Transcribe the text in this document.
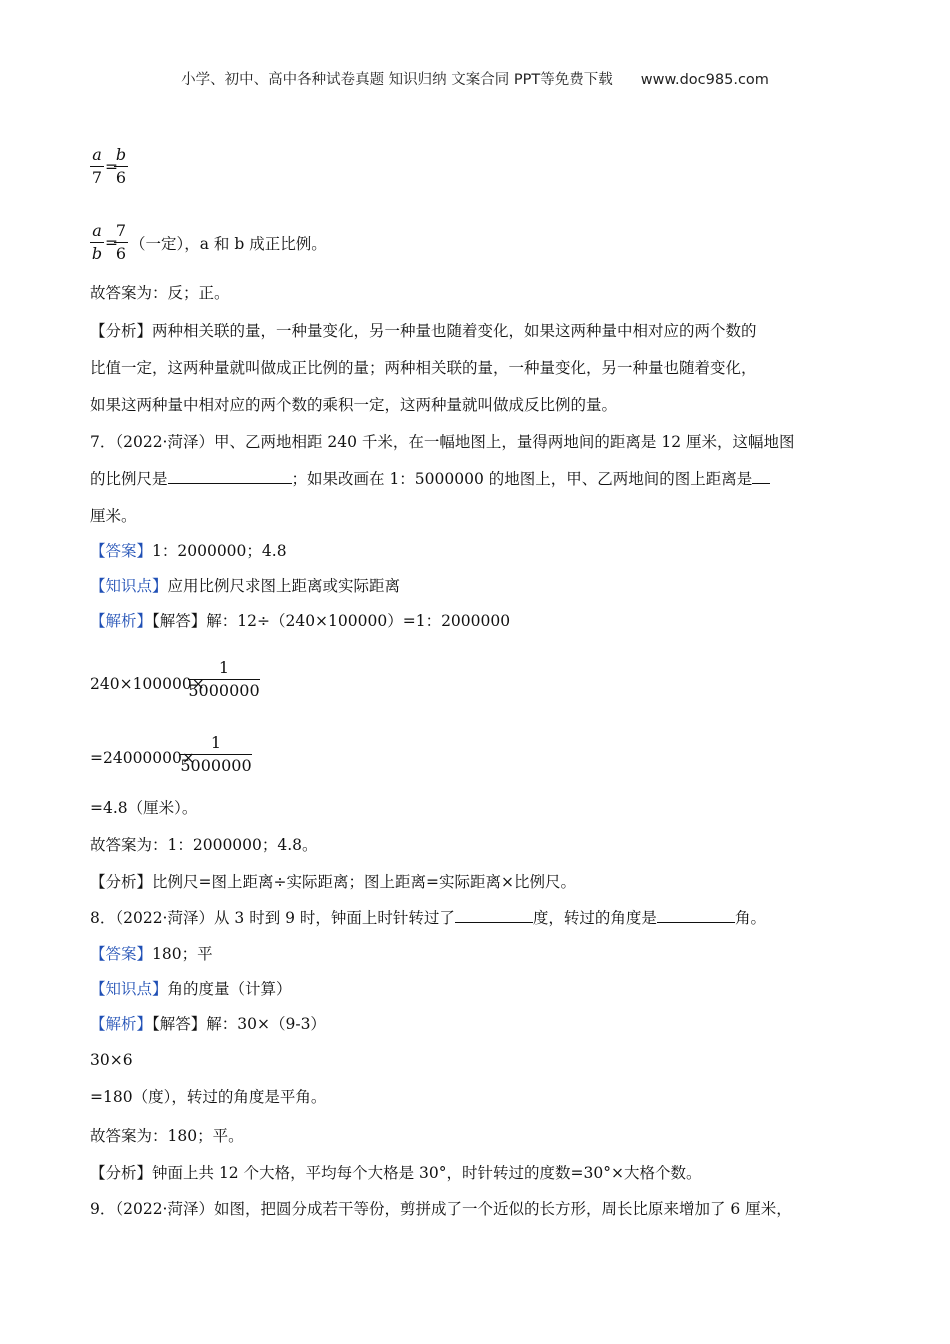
小学、初中、高中各种试卷真题 知识归纳 文案合同 PPT等免费下载 www.doc985.com
a
7
=
b
6
a
b
=
7
6 （一定），a 和 b 成正比例。
故答案为：反；正。
【分析】两种相关联的量，一种量变化，另一种量也随着变化，如果这两种量中相对应的两个数的
比值一定，这两种量就叫做成正比例的量；两种相关联的量，一种量变化，另一种量也随着变化，
如果这两种量中相对应的两个数的乘积一定，这两种量就叫做成反比例的量。
7．（2022·菏泽）甲、乙两地相距 240 千米，在一幅地图上，量得两地间的距离是 12 厘米，这幅地图
的比例尺是	；如果改画在 1：5000000 的地图上，甲、乙两地间的图上距离是
厘米。
【答案】1：2000000；4.8
【知识点】应用比例尺求图上距离或实际距离
【解析】【解答】解：12÷（240×100000）=1：2000000
240×100000×
1
5000000
=24000000×
1
5000000
=4.8（厘米）。
故答案为：1：2000000；4.8。
【分析】比例尺=图上距离÷实际距离；图上距离=实际距离×比例尺。
8．（2022·菏泽）从 3 时到 9 时，钟面上时针转过了	度，转过的角度是	角。
【答案】180；平
【知识点】角的度量（计算）
【解析】【解答】解：30×（9-3）
30×6
=180（度），转过的角度是平角。
故答案为：180；平。
【分析】钟面上共 12 个大格，平均每个大格是 30°，时针转过的度数=30°×大格个数。
9．（2022·菏泽）如图，把圆分成若干等份，剪拼成了一个近似的长方形，周长比原来增加了 6 厘米，
